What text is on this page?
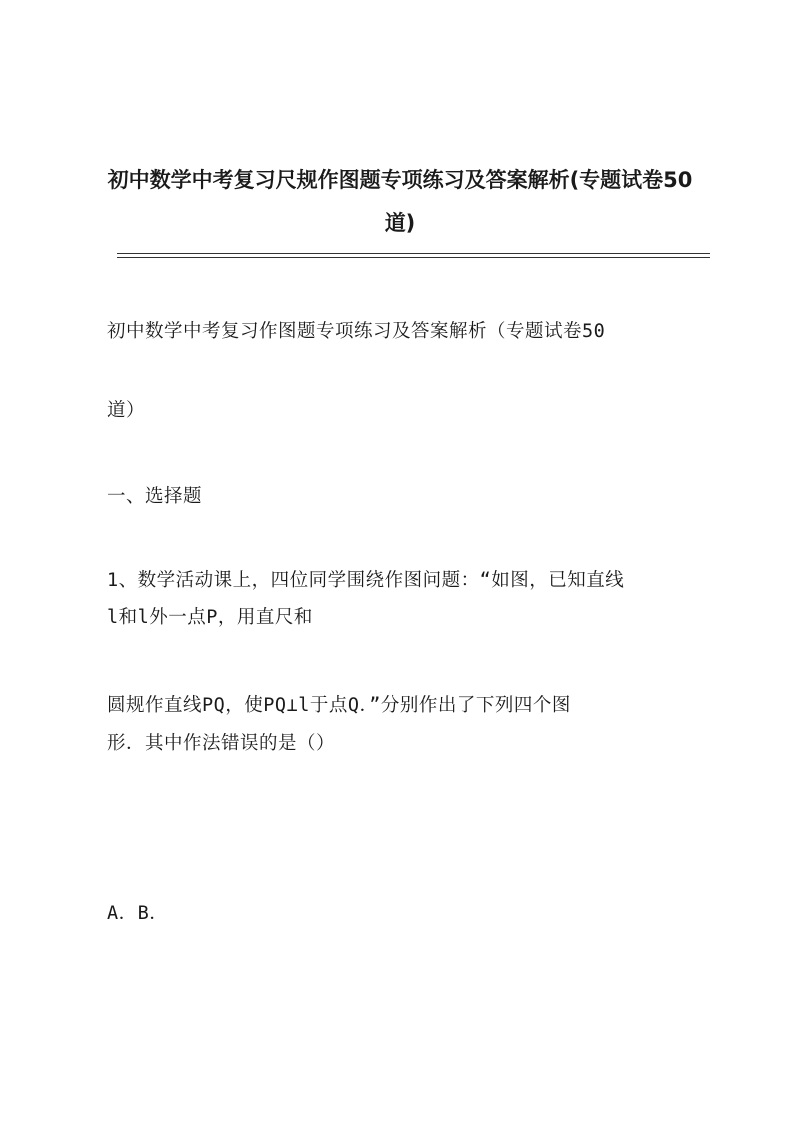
初中数学中考复习尺规作图题专项练习及答案解析(专题试卷50
道)
初中数学中考复习作图题专项练习及答案解析（专题试卷50
道）
一、选择题
1、数学活动课上，四位同学围绕作图问题：“如图，已知直线
l和l外一点P，用直尺和
圆规作直线PQ，使PQ⊥l于点Q．”分别作出了下列四个图
形．其中作法错误的是（）
A．B．
